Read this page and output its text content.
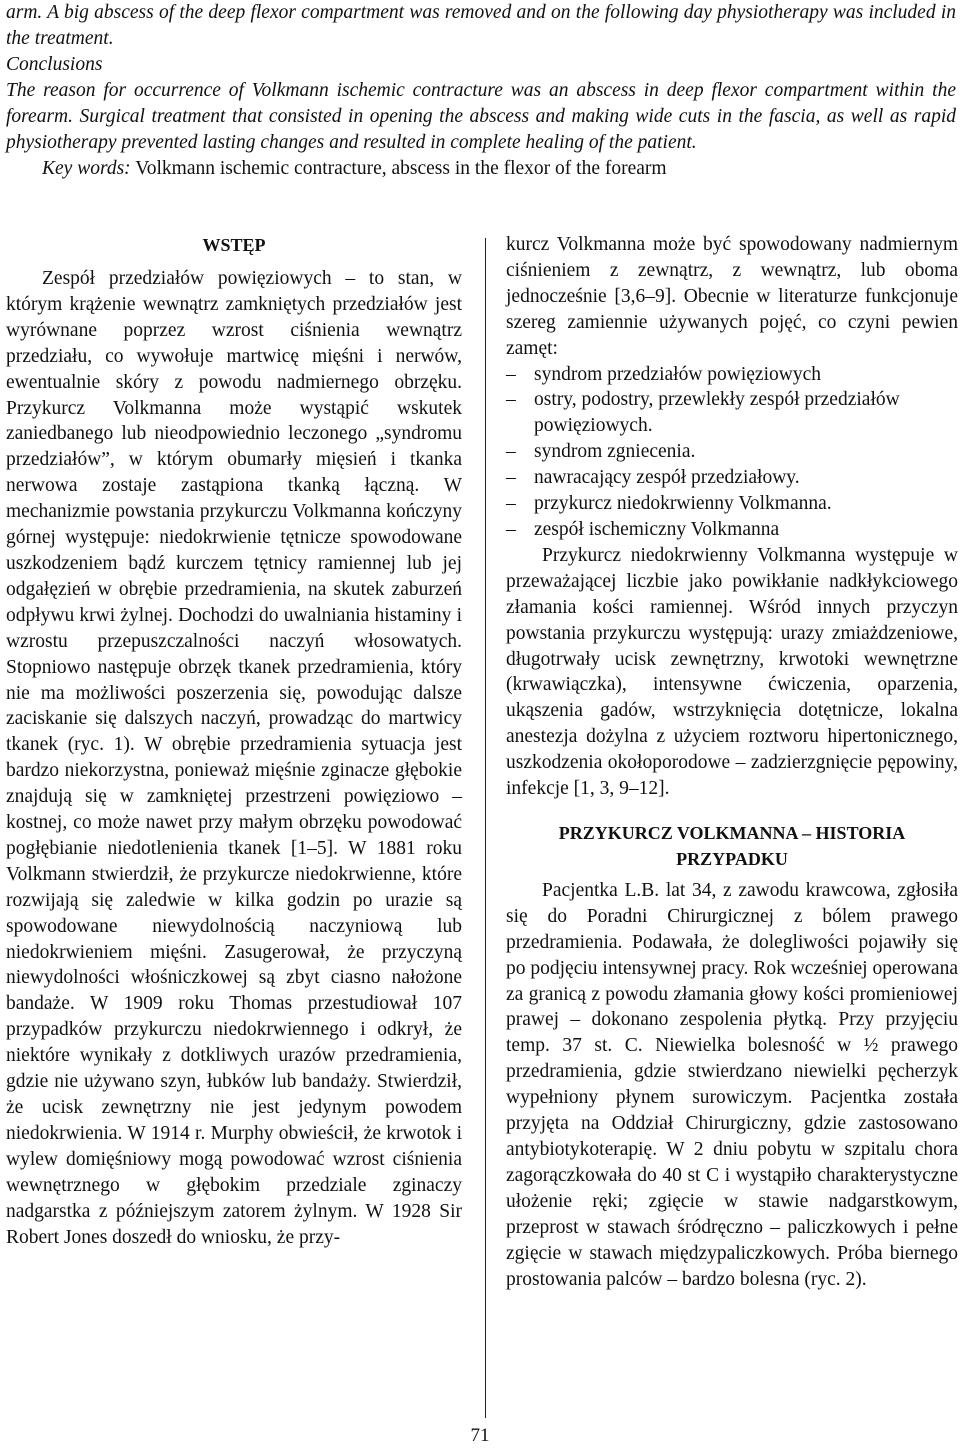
arm. A big abscess of the deep flexor compartment was removed and on the following day physiotherapy was included in the treatment.

Conclusions

The reason for occurrence of Volkmann ischemic contracture was an abscess in deep flexor compartment within the forearm. Surgical treatment that consisted in opening the abscess and making wide cuts in the fascia, as well as rapid physiotherapy prevented lasting changes and resulted in complete healing of the patient.

Key words: Volkmann ischemic contracture, abscess in the flexor of the forearm

WSTĘP

Zespół przedziałów powięziowych – to stan, w którym krążenie wewnątrz zamkniętych przedziałów jest wyrównane poprzez wzrost ciśnienia wewnątrz przedziału, co wywołuje martwicę mięśni i nerwów, ewentualnie skóry z powodu nadmiernego obrzęku. Przykurcz Volkmanna może wystąpić wskutek zaniedbanego lub nieodpowiednio leczonego „syndromu przedziałów”, w którym obumarły mięsień i tkanka nerwowa zostaje zastąpiona tkanką łączną. W mechanizmie powstania przykurczu Volkmanna kończyny górnej występuje: niedokrwienie tętnicze spowodowane uszkodzeniem bądź kurczem tętnicy ramiennej lub jej odgałęzień w obrębie przedramienia, na skutek zaburzeń odpływu krwi żylnej. Dochodzi do uwalniania histaminy i wzrostu przepuszczalności naczyń włosowatych. Stopniowo następuje obrzęk tkanek przedramienia, który nie ma możliwości poszerzenia się, powodując dalsze zaciskanie się dalszych naczyń, prowadząc do martwicy tkanek (ryc. 1). W obrębie przedramienia sytuacja jest bardzo niekorzystna, ponieważ mięśnie zginacze głębokie znajdują się w zamkniętej przestrzeni powięziowo – kostnej, co może nawet przy małym obrzęku powodować pogłębianie niedotlenienia tkanek [1–5]. W 1881 roku Volkmann stwierdził, że przykurcze niedokrwienne, które rozwijają się zaledwie w kilka godzin po urazie są spowodowane niewydolnością naczyniową lub niedokrwieniem mięśni. Zasugerował, że przyczyną niewydolności włośniczkowej są zbyt ciasno nałożone bandaże. W 1909 roku Thomas przestudiował 107 przypadków przykurczu niedokrwiennego i odkrył, że niektóre wynikały z dotkliwych urazów przedramienia, gdzie nie używano szyn, łubków lub bandaży. Stwierdził, że ucisk zewnętrzny nie jest jedynym powodem niedokrwienia. W 1914 r. Murphy obwieścił, że krwotok i wylew domięśniowy mogą powodować wzrost ciśnienia wewnętrznego w głębokim przedziale zginaczy nadgarstka z późniejszym zatorem żylnym. W 1928 Sir Robert Jones doszedł do wniosku, że przy-

kurcz Volkmanna może być spowodowany nadmiernym ciśnieniem z zewnątrz, z wewnątrz, lub oboma jednocześnie [3,6–9]. Obecnie w literaturze funkcjonuje szereg zamiennie używanych pojęć, co czyni pewien zamęt:

– syndrom przedziałów powięziowych
– ostry, podostry, przewlekły zespół przedziałów powięziowych.
– syndrom zgniecenia.
– nawracający zespół przedziałowy.
– przykurcz niedokrwienny Volkmanna.
– zespół ischemiczny Volkmanna

Przykurcz niedokrwienny Volkmanna występuje w przeważającej liczbie jako powikłanie nadkłykciowego złamania kości ramiennej. Wśród innych przyczyn powstania przykurczu występują: urazy zmiażdzeniowe, długotrwały ucisk zewnętrzny, krwotoki wewnętrzne (krwawiączka), intensywne ćwiczenia, oparzenia, ukąszenia gadów, wstrzyknięcia dotętnicze, lokalna anestezja dożylna z użyciem roztworu hipertonicznego, uszkodzenia okołoporodowe – zadzierzgnięcie pępowiny, infekcje [1, 3, 9–12].

PRZYKURCZ VOLKMANNA – HISTORIA PRZYPADKU

Pacjentka L.B. lat 34, z zawodu krawcowa, zgłosiła się do Poradni Chirurgicznej z bólem prawego przedramienia. Podawała, że dolegliwości pojawiły się po podjęciu intensywnej pracy. Rok wcześniej operowana za granicą z powodu złamania głowy kości promieniowej prawej – dokonano zespolenia płytką. Przy przyjęciu temp. 37 st. C. Niewielka bolesność w ½ prawego przedramienia, gdzie stwierdzano niewielki pęcherzyk wypełniony płynem surowiczym. Pacjentka została przyjęta na Oddział Chirurgiczny, gdzie zastosowano antybiotykoterapię. W 2 dniu pobytu w szpitalu chora zagorączkowała do 40 st C i wystąpiło charakterystyczne ułożenie ręki; zgięcie w stawie nadgarstkowym, przeprost w stawach śródręczno – paliczkowych i pełne zgięcie w stawach międzypaliczkowych. Próba biernego prostowania palców – bardzo bolesna (ryc. 2).

71
